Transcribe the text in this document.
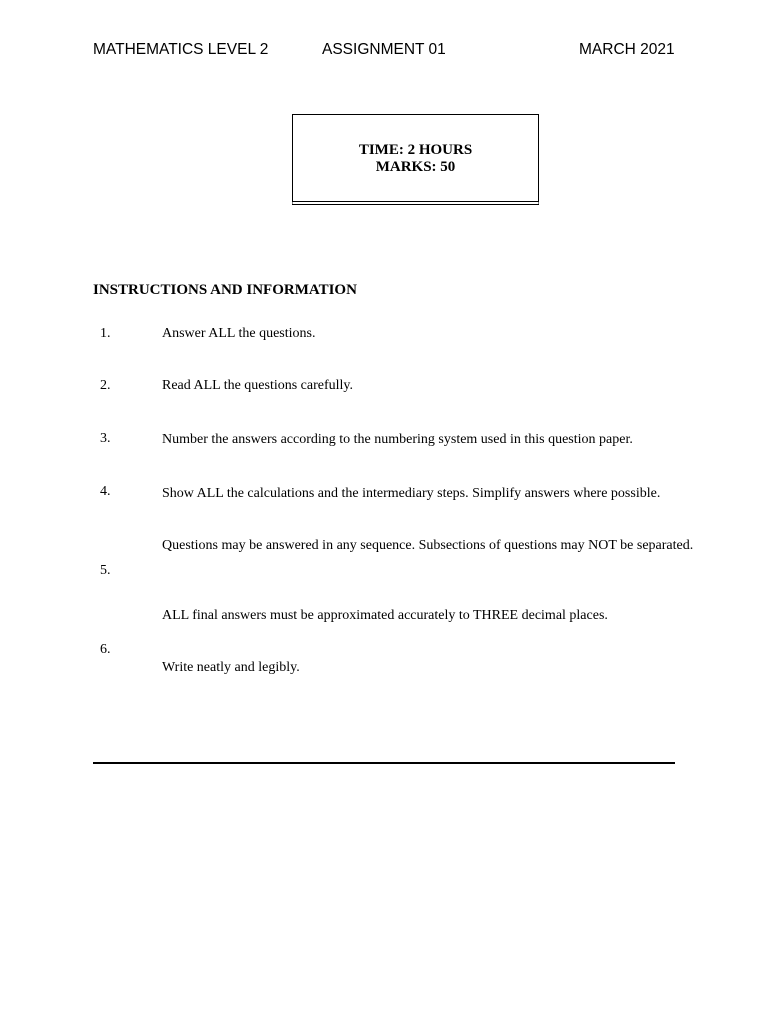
MATHEMATICS LEVEL 2	ASSIGNMENT 01	MARCH 2021
TIME: 2 HOURS
MARKS: 50
INSTRUCTIONS AND INFORMATION
1.
2.
3.
4.
5.
6.
Answer ALL the questions.
Read ALL the questions carefully.
Number the answers according to the numbering system used in this question paper.
Show ALL the calculations and the intermediary steps. Simplify answers where possible.
Questions may be answered in any sequence. Subsections of questions may NOT be separated.
ALL final answers must be approximated accurately to THREE decimal places.
Write neatly and legibly.
